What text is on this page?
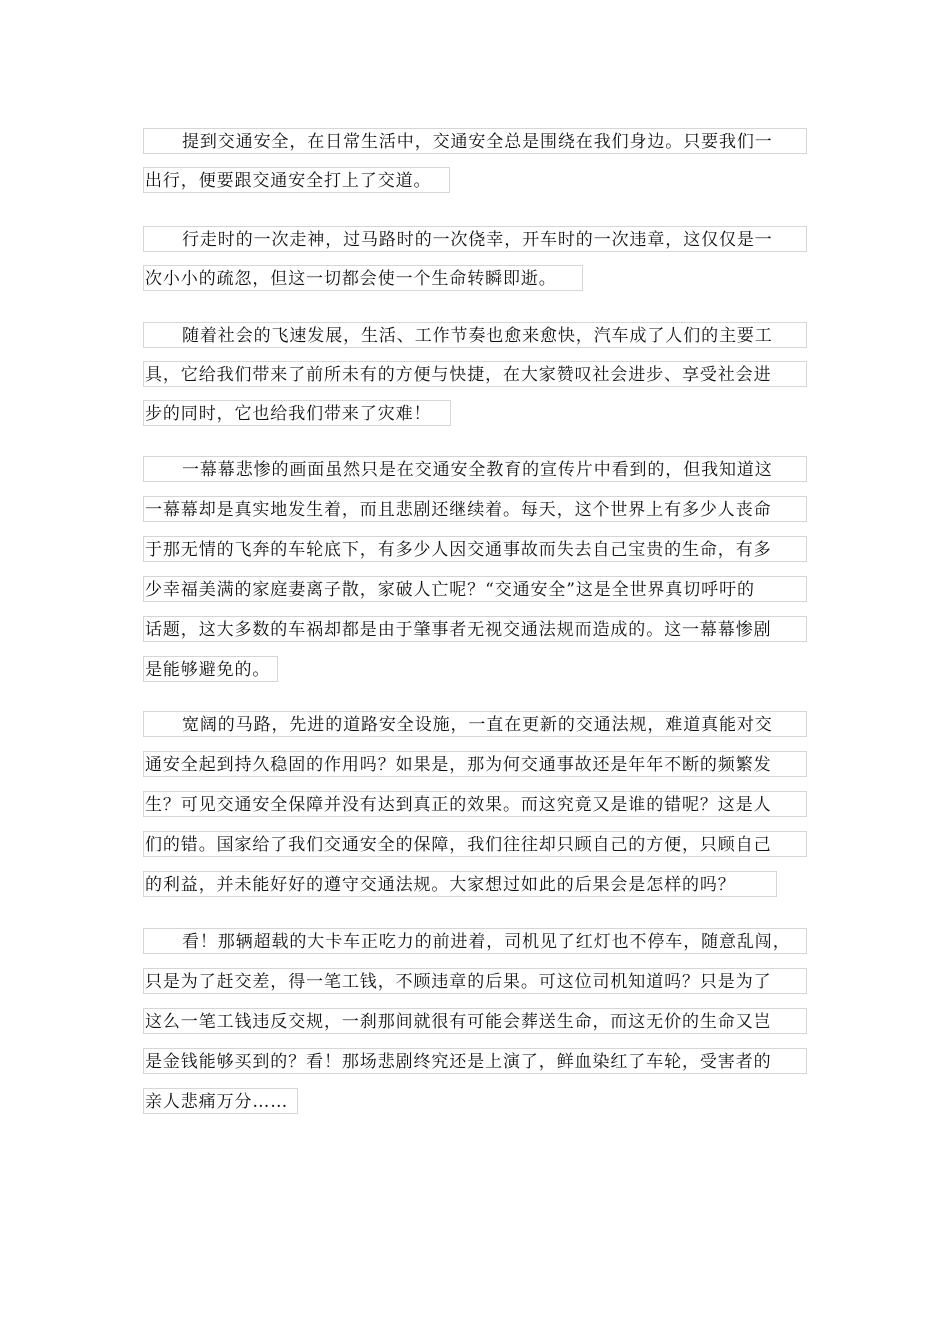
提到交通安全，在日常生活中，交通安全总是围绕在我们身边。只要我们一
出行，便要跟交通安全打上了交道。
行走时的一次走神，过马路时的一次侥幸，开车时的一次违章，这仅仅是一
次小小的疏忽，但这一切都会使一个生命转瞬即逝。
随着社会的飞速发展，生活、工作节奏也愈来愈快，汽车成了人们的主要工
具，它给我们带来了前所未有的方便与快捷，在大家赞叹社会进步、享受社会进
步的同时，它也给我们带来了灾难！
一幕幕悲惨的画面虽然只是在交通安全教育的宣传片中看到的，但我知道这
一幕幕却是真实地发生着，而且悲剧还继续着。每天，这个世界上有多少人丧命
于那无情的飞奔的车轮底下，有多少人因交通事故而失去自己宝贵的生命，有多
少幸福美满的家庭妻离子散，家破人亡呢？“交通安全”这是全世界真切呼吁的
话题，这大多数的车祸却都是由于肇事者无视交通法规而造成的。这一幕幕惨剧
是能够避免的。
宽阔的马路，先进的道路安全设施，一直在更新的交通法规，难道真能对交
通安全起到持久稳固的作用吗？如果是，那为何交通事故还是年年不断的频繁发
生？可见交通安全保障并没有达到真正的效果。而这究竟又是谁的错呢？这是人
们的错。国家给了我们交通安全的保障，我们往往却只顾自己的方便，只顾自己
的利益，并未能好好的遵守交通法规。大家想过如此的后果会是怎样的吗？
看！那辆超载的大卡车正吃力的前进着，司机见了红灯也不停车，随意乱闯，
只是为了赶交差，得一笔工钱，不顾违章的后果。可这位司机知道吗？只是为了
这么一笔工钱违反交规，一刹那间就很有可能会葬送生命，而这无价的生命又岂
是金钱能够买到的？看！那场悲剧终究还是上演了，鲜血染红了车轮，受害者的
亲人悲痛万分……
